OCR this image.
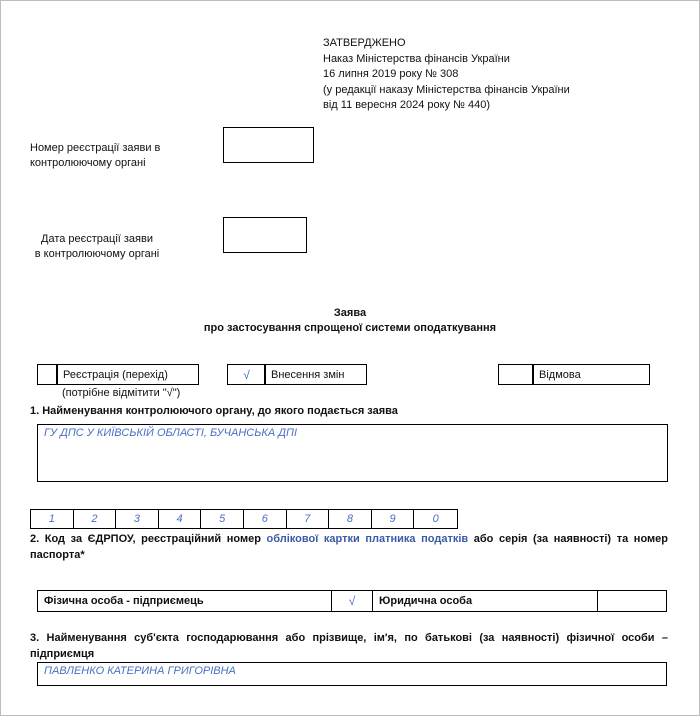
ЗАТВЕРДЖЕНО
Наказ Міністерства фінансів України
16 липня 2019 року № 308
(у редакції наказу Міністерства фінансів України
від 11 вересня 2024 року № 440)
Номер реєстрації заяви в
контролюючому органі
Дата реєстрації заяви
в контролюючому органі
Заява
про застосування спрощеної системи оподаткування
Реєстрація (перехід)
(потрібне відмітити "√")
√	Внесення змін	Відмова
1. Найменування контролюючого органу, до якого подається заява
ГУ ДПС У КИЇВСЬКІЙ ОБЛАСТІ, БУЧАНСЬКА ДПІ
1	2	3	4	5	6	7	8	9	0
2. Код за ЄДРПОУ, реєстраційний номер облікової картки платника податків або серія (за наявності) та номер паспорта*
Фізична особа - підприємець	√	Юридична особа
3. Найменування суб'єкта господарювання або прізвище, ім'я, по батькові (за наявності) фізичної особи – підприємця
ПАВЛЕНКО КАТЕРИНА ГРИГОРІВНА
